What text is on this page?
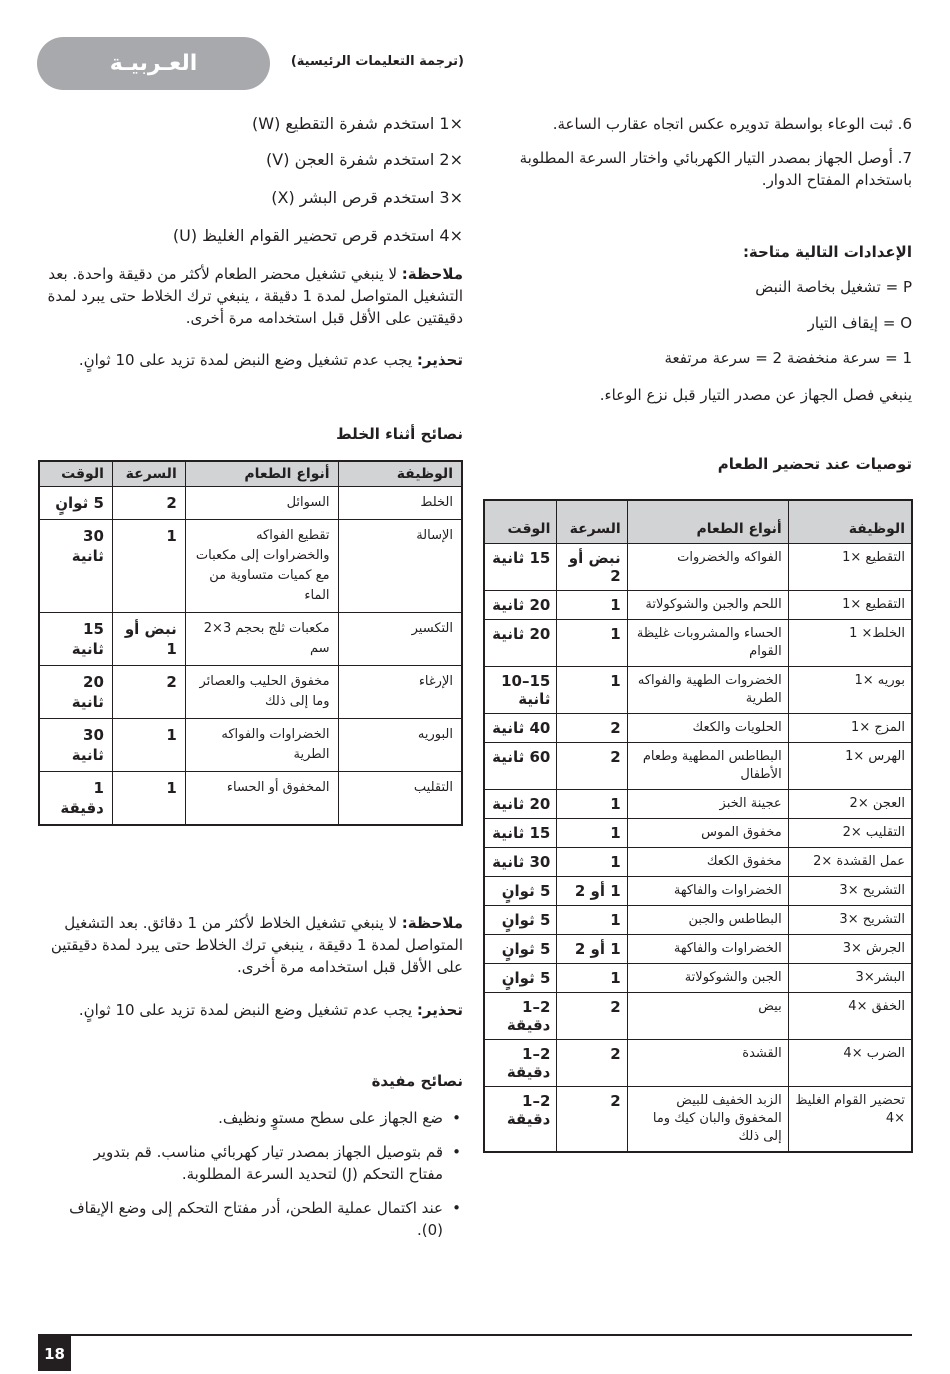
العـربيـة	(ترجمة التعليمات الرئيسية)
6. ثبت الوعاء بواسطة تدويره عكس اتجاه عقارب الساعة.
7. أوصل الجهاز بمصدر التيار الكهربائي واختار السرعة المطلوبة باستخدام المفتاح الدوار.
الإعدادات التالية متاحة:
P = تشغيل بخاصة النبض
O = إيقاف التيار
1 = سرعة منخفضة 2 = سرعة مرتفعة
ينبغي فصل الجهاز عن مصدر التيار قبل نزع الوعاء.
توصيات عند تحضير الطعام
الوظيفة	أنواع الطعام	السرعة	الوقت
التقطيع ×1	الفواكه والخضروات	نبض أو 2	15 ثانية
التقطيع ×1	اللحم والجبن والشوكولاتة	1	20 ثانية
الخلط× 1	الحساء والمشروبات غليظة القوام	1	20 ثانية
بوريه ×1	الخضروات الطهية والفواكه الطرية	1	15–10 ثانية
المزج ×1	الحلويات والكعك	2	40 ثانية
الهرس ×1	البطاطس المطهية وطعام الأطفال	2	60 ثانية
العجن ×2	عجينة الخبز	1	20 ثانية
التقليب ×2	مخفوق الموس	1	15 ثانية
عمل القشدة ×2	مخفوق الكعك	1	30 ثانية
التشريح ×3	الخضراوات والفاكهة	1 أو 2	5 ثوانٍ
التشريح ×3	البطاطس والجبن	1	5 ثوانٍ
الجرش ×3	الخضراوات والفاكهة	1 أو 2	5 ثوانٍ
البشر×3	الجبن والشوكولاتة	1	5 ثوانٍ
الخفق ×4	بيض	2	2–1 دقيقة
الضرب ×4	القشدة	2	2–1 دقيقة
تحضير القوام الغليظ ×4	الزبد الخفيف للبيض المخفوق والبان كيك وما إلى ذلك	2	2–1 دقيقة
×1 استخدم شفرة التقطيع (W)
×2 استخدم شفرة العجن (V)
×3 استخدم قرص البشر (X)
×4 استخدم قرص تحضير القوام الغليظ (U)
ملاحظة: لا ينبغي تشغيل محضر الطعام لأكثر من دقيقة واحدة. بعد التشغيل المتواصل لمدة 1 دقيقة ، ينبغي ترك الخلاط حتى يبرد لمدة دقيقتين على الأقل قبل استخدامه مرة أخرى.
تحذير: يجب عدم تشغيل وضع النبض لمدة تزيد على 10 ثوانٍ.
نصائح أثناء الخلط
الوظيفة	أنواع الطعام	السرعة	الوقت
الخلط	السوائل	2	5 ثوانٍ
الإسالة	تقطيع الفواكه والخضراوات إلى مكعبات مع كميات متساوية من الماء	1	30 ثانية
التكسير	مكعبات ثلج بحجم 3×2 سم	نبض أو 1	15 ثانية
الإرغاء	مخفوق الحليب والعصائر وما إلى ذلك	2	20 ثانية
البوريه	الخضراوات والفواكه الطرية	1	30 ثانية
التقليب	المخفوق أو الحساء	1	1 دقيقة
ملاحظة: لا ينبغي تشغيل الخلاط لأكثر من 1 دقائق. بعد التشغيل المتواصل لمدة 1 دقيقة ، ينبغي ترك الخلاط حتى يبرد لمدة دقيقتين على الأقل قبل استخدامه مرة أخرى.
تحذير: يجب عدم تشغيل وضع النبض لمدة تزيد على 10 ثوانٍ.
نصائح مفيدة
• ضع الجهاز على سطح مستوٍ ونظيف.
• قم بتوصيل الجهاز بمصدر تيار كهربائي مناسب. قم بتدوير مفتاح التحكم (J) لتحديد السرعة المطلوبة.
• عند اكتمال عملية الطحن، أدر مفتاح التحكم إلى وضع الإيقاف (0).
18
